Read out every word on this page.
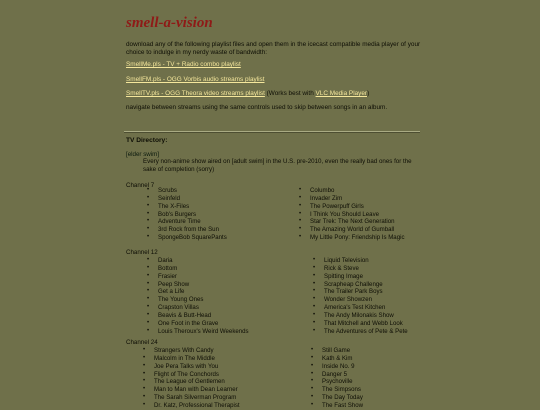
smell-a-vision

download any of the following playlist files and open them in the icecast compatible media player of your choice to indulge in my nerdy waste of bandwidth:

SmellMe.pls - TV + Radio combo playlist

SmellFM.pls - OGG Vorbis audio streams playlist

SmellTV.pls - OGG Theora video streams playlist (Works best with VLC Media Player)

navigate between streams using the same controls used to skip between songs in an album.

TV Directory:

[elder swim]

Every non-anime show aired on [adult swim] in the U.S. pre-2010, even the really bad ones for the sake of completion (sorry)

Channel 7

• Scrubs
• Seinfeld
• The X-Files
• Bob's Burgers
• Adventure Time
• 3rd Rock from the Sun
• SpongeBob SquarePants
• Columbo
• Invader Zim
• The Powerpuff Girls
• I Think You Should Leave
• Star Trek: The Next Generation
• The Amazing World of Gumball
• My Little Pony: Friendship Is Magic

Channel 12

• Daria
• Bottom
• Frasier
• Peep Show
• Get a Life
• The Young Ones
• Crapston Villas
• Beavis & Butt-Head
• One Foot in the Grave
• Louis Theroux's Weird Weekends
• Liquid Television
• Rick & Steve
• Spitting Image
• Scrapheap Challenge
• The Trailer Park Boys
• Wonder Showzen
• America's Test Kitchen
• The Andy Milonakis Show
• That Mitchell and Webb Look
• The Adventures of Pete & Pete

Channel 24

• Strangers With Candy
• Malcolm in The Middle
• Joe Pera Talks with You
• Flight of The Conchords
• The League of Gentlemen
• Man to Man with Dean Learner
• The Sarah Silverman Program
• Dr. Katz, Professional Therapist
• Still Game
• Kath & Kim
• Inside No. 9
• Danger 5
• Psychoville
• The Simpsons
• The Day Today
• The Fast Show
